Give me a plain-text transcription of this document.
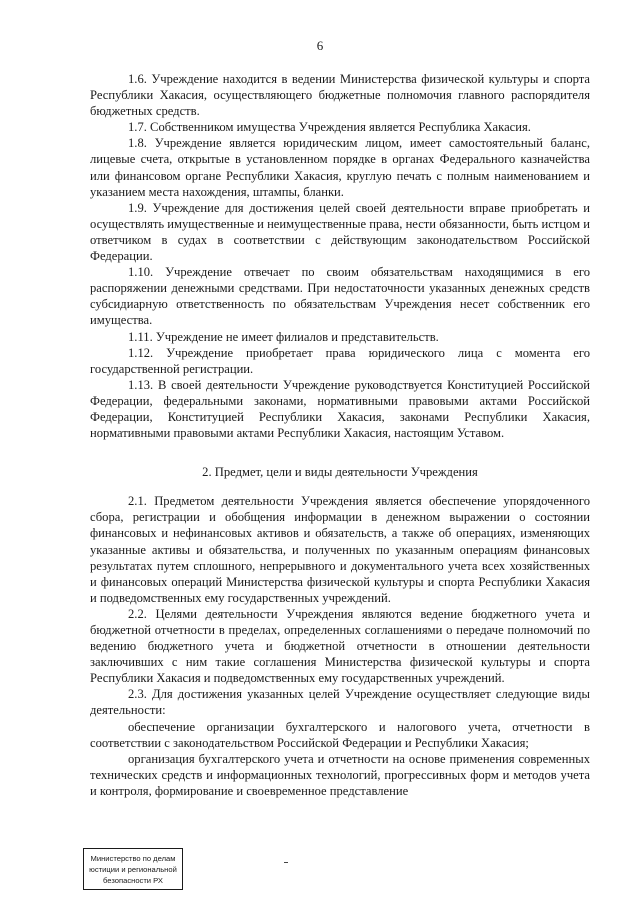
6

1.6. Учреждение находится в ведении Министерства физической культуры и спорта Республики Хакасия, осуществляющего бюджетные полномочия главного распорядителя бюджетных средств.

1.7. Собственником имущества Учреждения является Республика Хакасия.

1.8. Учреждение является юридическим лицом, имеет самостоятельный баланс, лицевые счета, открытые в установленном порядке в органах Федерального казначейства или финансовом органе Республики Хакасия, круглую печать с полным наименованием и указанием места нахождения, штампы, бланки.

1.9. Учреждение для достижения целей своей деятельности вправе приобретать и осуществлять имущественные и неимущественные права, нести обязанности, быть истцом и ответчиком в судах в соответствии с действующим законодательством Российской Федерации.

1.10. Учреждение отвечает по своим обязательствам находящимися в его распоряжении денежными средствами. При недостаточности указанных денежных средств субсидиарную ответственность по обязательствам Учреждения несет собственник его имущества.

1.11. Учреждение не имеет филиалов и представительств.

1.12. Учреждение приобретает права юридического лица с момента его государственной регистрации.

1.13. В своей деятельности Учреждение руководствуется Конституцией Российской Федерации, федеральными законами, нормативными правовыми актами Российской Федерации, Конституцией Республики Хакасия, законами Республики Хакасия, нормативными правовыми актами Республики Хакасия, настоящим Уставом.

2. Предмет, цели и виды деятельности Учреждения

2.1. Предметом деятельности Учреждения является обеспечение упорядоченного сбора, регистрации и обобщения информации в денежном выражении о состоянии финансовых и нефинансовых активов и обязательств, а также об операциях, изменяющих указанные активы и обязательства, и полученных по указанным операциям финансовых результатах путем сплошного, непрерывного и документального учета всех хозяйственных и финансовых операций Министерства физической культуры и спорта Республики Хакасия и подведомственных ему государственных учреждений.

2.2. Целями деятельности Учреждения являются ведение бюджетного учета и бюджетной отчетности в пределах, определенных соглашениями о передаче полномочий по ведению бюджетного учета и бюджетной отчетности в отношении деятельности заключивших с ним такие соглашения Министерства физической культуры и спорта Республики Хакасия и подведомственных ему государственных учреждений.

2.3. Для достижения указанных целей Учреждение осуществляет следующие виды деятельности:

обеспечение организации бухгалтерского и налогового учета, отчетности в соответствии с законодательством Российской Федерации и Республики Хакасия;

организация бухгалтерского учета и отчетности на основе применения современных технических средств и информационных технологий, прогрессивных форм и методов учета и контроля, формирование и своевременное представление

Министерство по делам
юстиции и региональной
безопасности РХ
